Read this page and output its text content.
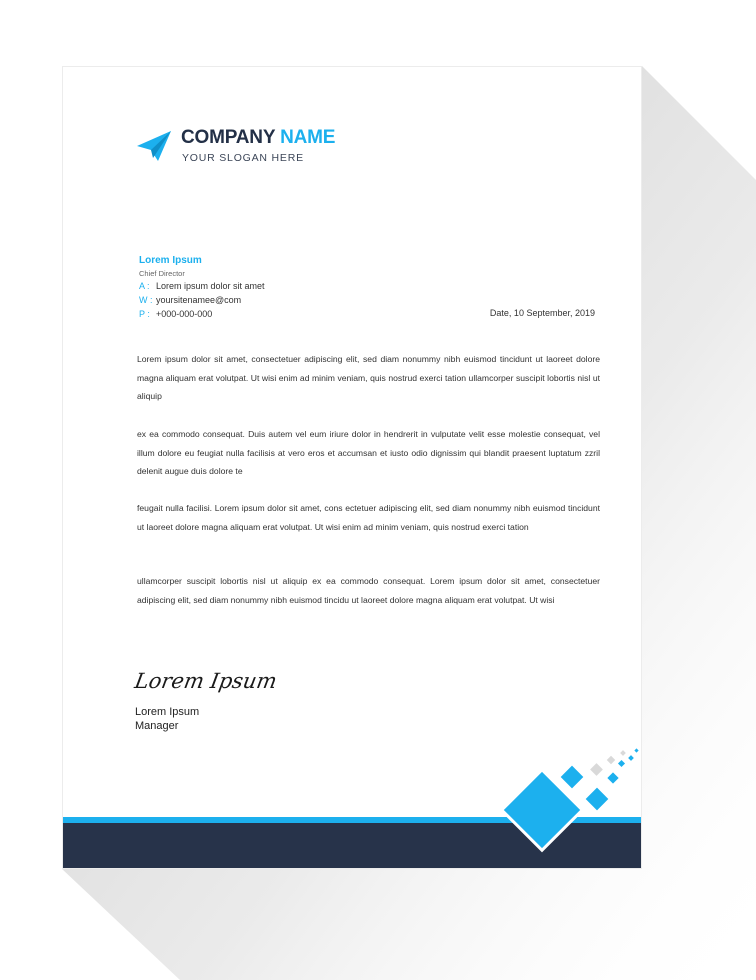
COMPANY NAME
YOUR SLOGAN HERE
Lorem Ipsum
Chief Director
A : Lorem ipsum dolor sit amet
W : yoursitenamee@com
P : +000-000-000	Date, 10 September, 2019

Lorem ipsum dolor sit amet, consectetuer adipiscing elit, sed diam nonummy nibh euismod tincidunt ut laoreet dolore magna aliquam erat volutpat. Ut wisi enim ad minim veniam, quis nostrud exerci tation ullamcorper suscipit lobortis nisl ut aliquip

ex ea commodo consequat. Duis autem vel eum iriure dolor in hendrerit in vulputate velit esse molestie consequat, vel illum dolore eu feugiat nulla facilisis at vero eros et accumsan et iusto odio dignissim qui blandit praesent luptatum zzril delenit augue duis dolore te

feugait nulla facilisi. Lorem ipsum dolor sit amet, cons ectetuer adipiscing elit, sed diam nonummy nibh euismod tincidunt ut laoreet dolore magna aliquam erat volutpat. Ut wisi enim ad minim veniam, quis nostrud exerci tation

ullamcorper suscipit lobortis nisl ut aliquip ex ea commodo consequat. Lorem ipsum dolor sit amet, consectetuer adipiscing elit, sed diam nonummy nibh euismod tincidu ut laoreet dolore magna aliquam erat volutpat. Ut wisi

Lorem Ipsum
Lorem Ipsum
Manager
